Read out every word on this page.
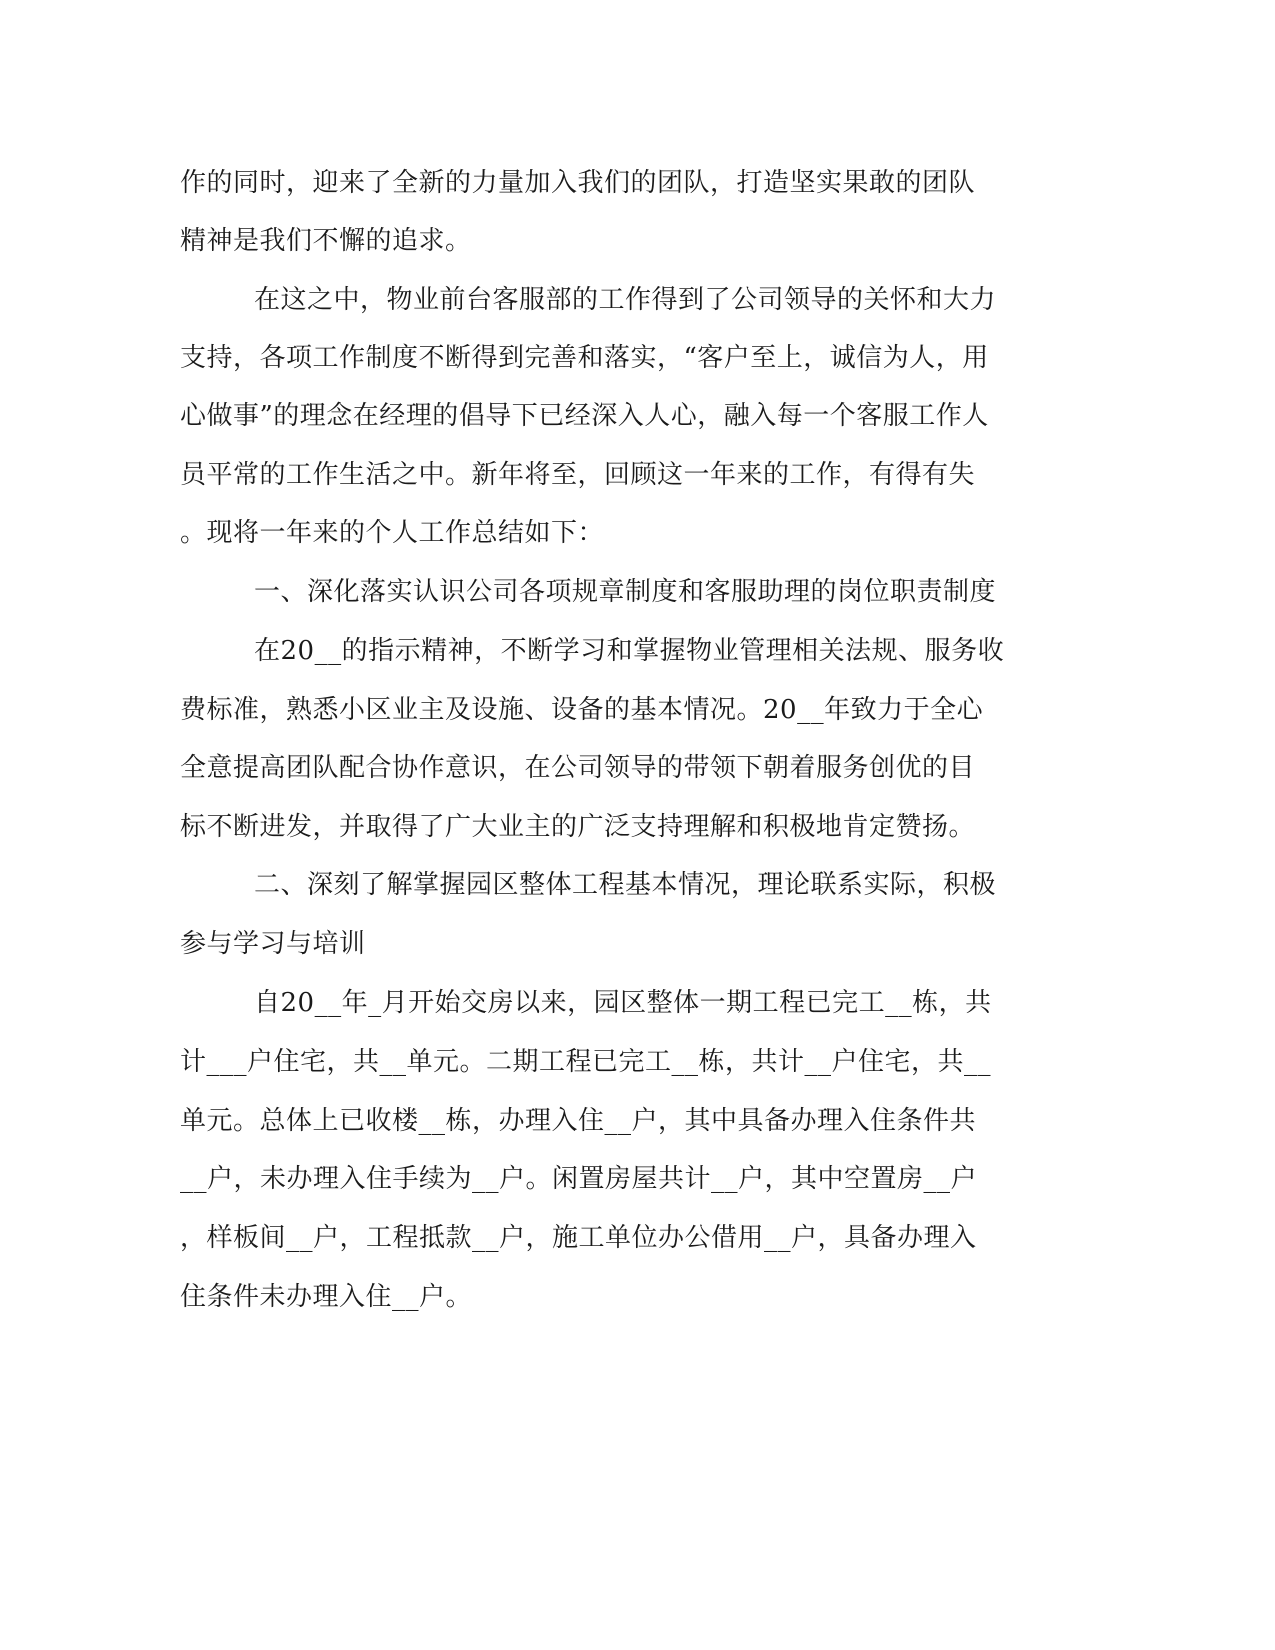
作的同时，迎来了全新的力量加入我们的团队，打造坚实果敢的团队
精神是我们不懈的追求。
在这之中，物业前台客服部的工作得到了公司领导的关怀和大力
支持，各项工作制度不断得到完善和落实，“客户至上，诚信为人，用
心做事”的理念在经理的倡导下已经深入人心，融入每一个客服工作人
员平常的工作生活之中。新年将至，回顾这一年来的工作，有得有失
。现将一年来的个人工作总结如下：
一、深化落实认识公司各项规章制度和客服助理的岗位职责制度
在20__的指示精神，不断学习和掌握物业管理相关法规、服务收
费标准，熟悉小区业主及设施、设备的基本情况。20__年致力于全心
全意提高团队配合协作意识，在公司领导的带领下朝着服务创优的目
标不断进发，并取得了广大业主的广泛支持理解和积极地肯定赞扬。
二、深刻了解掌握园区整体工程基本情况，理论联系实际，积极
参与学习与培训
自20__年_月开始交房以来，园区整体一期工程已完工__栋，共
计___户住宅，共__单元。二期工程已完工__栋，共计__户住宅，共__
单元。总体上已收楼__栋，办理入住__户，其中具备办理入住条件共
__户，未办理入住手续为__户。闲置房屋共计__户，其中空置房__户
，样板间__户，工程抵款__户，施工单位办公借用__户，具备办理入
住条件未办理入住__户。
